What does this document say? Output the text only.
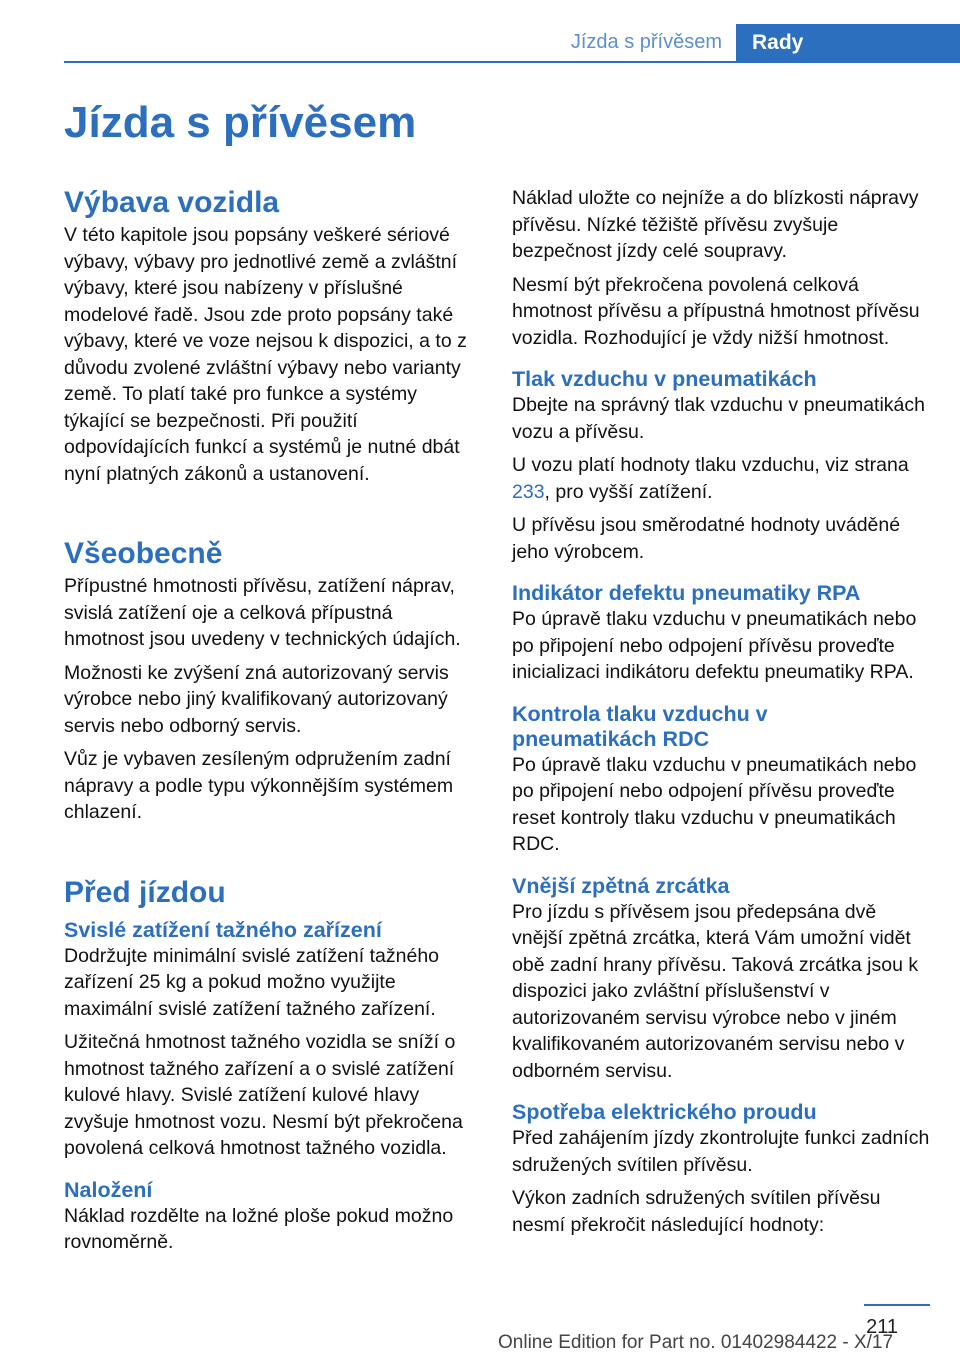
Jízda s přívěsem	Rady
Jízda s přívěsem
Výbava vozidla

V této kapitole jsou popsány veškeré sériové výbavy, výbavy pro jednotlivé země a zvláštní výbavy, které jsou nabízeny v příslušné modelové řadě. Jsou zde proto popsány také výbavy, které ve voze nejsou k dispozici, a to z důvodu zvolené zvláštní výbavy nebo varianty země. To platí také pro funkce a systémy týkající se bezpečnosti. Při použití odpovídajících funkcí a systémů je nutné dbát nyní platných zákonů a ustanovení.

Všeobecně

Přípustné hmotnosti přívěsu, zatížení náprav, svislá zatížení oje a celková přípustná hmotnost jsou uvedeny v technických údajích.

Možnosti ke zvýšení zná autorizovaný servis výrobce nebo jiný kvalifikovaný autorizovaný servis nebo odborný servis.

Vůz je vybaven zesíleným odpružením zadní nápravy a podle typu výkonnějším systémem chlazení.

Před jízdou
Svislé zatížení tažného zařízení

Dodržujte minimální svislé zatížení tažného zařízení 25 kg a pokud možno využijte maximální svislé zatížení tažného zařízení.

Užitečná hmotnost tažného vozidla se sníží o hmotnost tažného zařízení a o svislé zatížení kulové hlavy. Svislé zatížení kulové hlavy zvyšuje hmotnost vozu. Nesmí být překročena povolená celková hmotnost tažného vozidla.

Naložení

Náklad rozdělte na ložné ploše pokud možno rovnoměrně.

Náklad uložte co nejníže a do blízkosti nápravy přívěsu. Nízké těžiště přívěsu zvyšuje bezpečnost jízdy celé soupravy.

Nesmí být překročena povolená celková hmotnost přívěsu a přípustná hmotnost přívěsu vozidla. Rozhodující je vždy nižší hmotnost.

Tlak vzduchu v pneumatikách

Dbejte na správný tlak vzduchu v pneumatikách vozu a přívěsu.

U vozu platí hodnoty tlaku vzduchu, viz strana 233, pro vyšší zatížení.

U přívěsu jsou směrodatné hodnoty uváděné jeho výrobcem.

Indikátor defektu pneumatiky RPA

Po úpravě tlaku vzduchu v pneumatikách nebo po připojení nebo odpojení přívěsu proveďte inicializaci indikátoru defektu pneumatiky RPA.

Kontrola tlaku vzduchu v
pneumatikách RDC

Po úpravě tlaku vzduchu v pneumatikách nebo po připojení nebo odpojení přívěsu proveďte reset kontroly tlaku vzduchu v pneumatikách RDC.

Vnější zpětná zrcátka

Pro jízdu s přívěsem jsou předepsána dvě vnější zpětná zrcátka, která Vám umožní vidět obě zadní hrany přívěsu. Taková zrcátka jsou k dispozici jako zvláštní příslušenství v autorizovaném servisu výrobce nebo v jiném kvalifikovaném autorizovaném servisu nebo v odborném servisu.

Spotřeba elektrického proudu

Před zahájením jízdy zkontrolujte funkci zadních sdružených svítilen přívěsu.

Výkon zadních sdružených svítilen přívěsu nesmí překročit následující hodnoty:

211
Online Edition for Part no. 01402984422 - X/17
